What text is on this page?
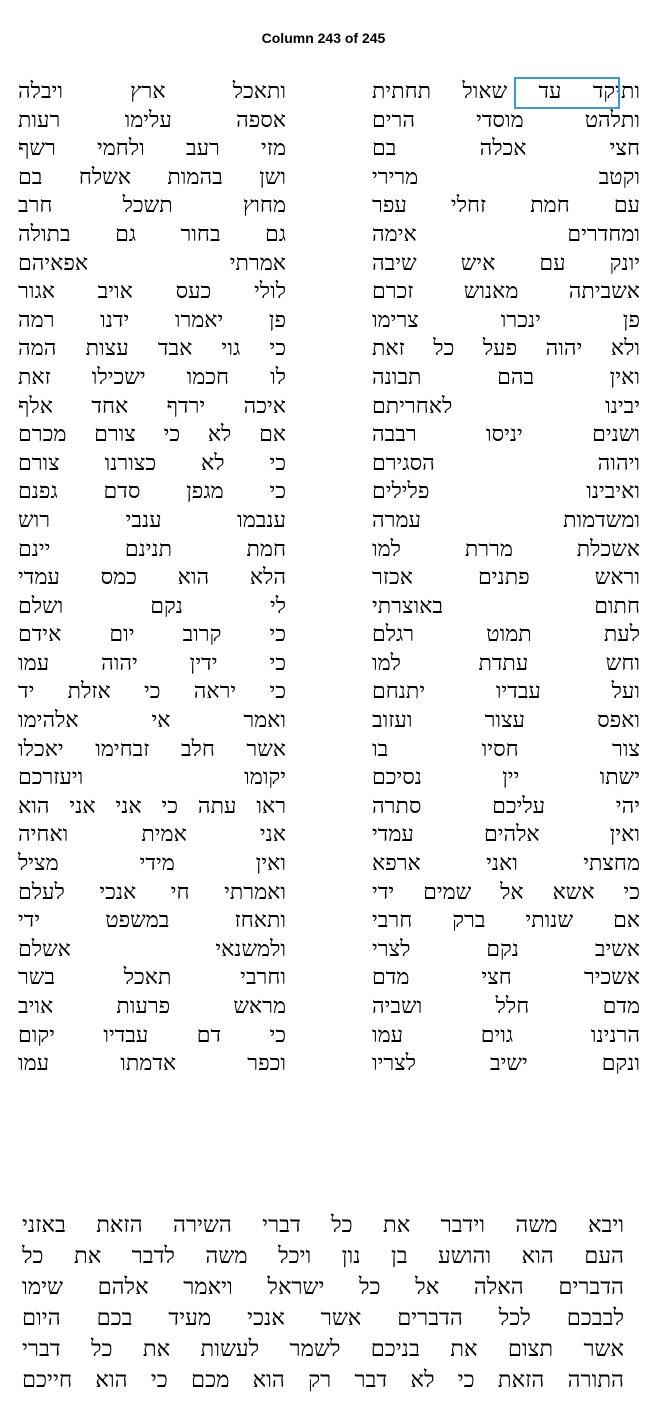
Column 243 of 245
ותיקד
עד
שאול
תחתית
ותלהט
מוסדי
הרים
חצי
אכלה
בם
וקטב
מרירי
עם
חמת
זחלי
עפר
ומחדרים
אימה
יונק
עם
איש
שיבה
אשביתה
מאנוש
זכרם
פן
ינכרו
צרימו
ולא
יהוה
פעל
כל
זאת
ואין
בהם
תבונה
יבינו
לאחריתם
ושנים
יניסו
רבבה
ויהוה
הסגירם
ואיבינו
פלילים
ומשדמות
עמרה
אשכלת
מררת
למו
וראש
פתנים
אכזר
חתום
באוצרתי
לעת
תמוט
רגלם
וחש
עתדת
למו
ועל
עבדיו
יתנחם
ואפס
עצור
ועזוב
צור
חסיו
בו
ישתו
יין
נסיכם
יהי
עליכם
סתרה
ואין
אלהים
עמדי
מחצתי
ואני
ארפא
כי
אשא
אל
שמים
ידי
אם
שנותי
ברק
חרבי
אשיב
נקם
לצרי
אשכיר
חצי
מדם
מדם
חלל
ושביה
הרנינו
גוים
עמו
ונקם
ישיב
לצריו
ותאכל
ארץ
ויבלה
אספה
עלימו
רעות
מזי
רעב
ולחמי
רשף
ושן
בהמות
אשלח
בם
מחוץ
תשכל
חרב
גם
בחור
גם
בתולה
אמרתי
אפאיהם
לולי
כעס
אויב
אגור
פן
יאמרו
ידנו
רמה
כי
גוי
אבד
עצות
המה
לו
חכמו
ישכילו
זאת
איכה
ירדף
אחד
אלף
אם
לא
כי
צורם
מכרם
כי
לא
כצורנו
צורם
כי
מגפן
סדם
גפנם
ענבמו
ענבי
רוש
חמת
תנינם
יינם
הלא
הוא
כמס
עמדי
לי
נקם
ושלם
כי
קרוב
יום
אידם
כי
ידין
יהוה
עמו
כי
יראה
כי
אזלת
יד
ואמר
אי
אלהימו
אשר
חלב
זבחימו
יאכלו
יקומו
ויעזרכם
ראו
עתה
כי
אני
אני
הוא
אני
אמית
ואחיה
ואין
מידי
מציל
ואמרתי
חי
אנכי
לעלם
ותאחז
במשפט
ידי
ולמשנאי
אשלם
וחרבי
תאכל
בשר
מראש
פרעות
אויב
כי
דם
עבדיו
יקום
וכפר
אדמתו
עמו
ויבא משה וידבר את כל דברי השירה הזאת באזני
העם הוא והושע בן נון ויכל משה לדבר את כל
הדברים האלה אל כל ישראל ויאמר אלהם שימו
לבבכם לכל הדברים אשר אנכי מעיד בכם היום
אשר תצום את בניכם לשמר לעשות את כל דברי
התורה הזאת כי לא דבר רק הוא מכם כי הוא חייכם
